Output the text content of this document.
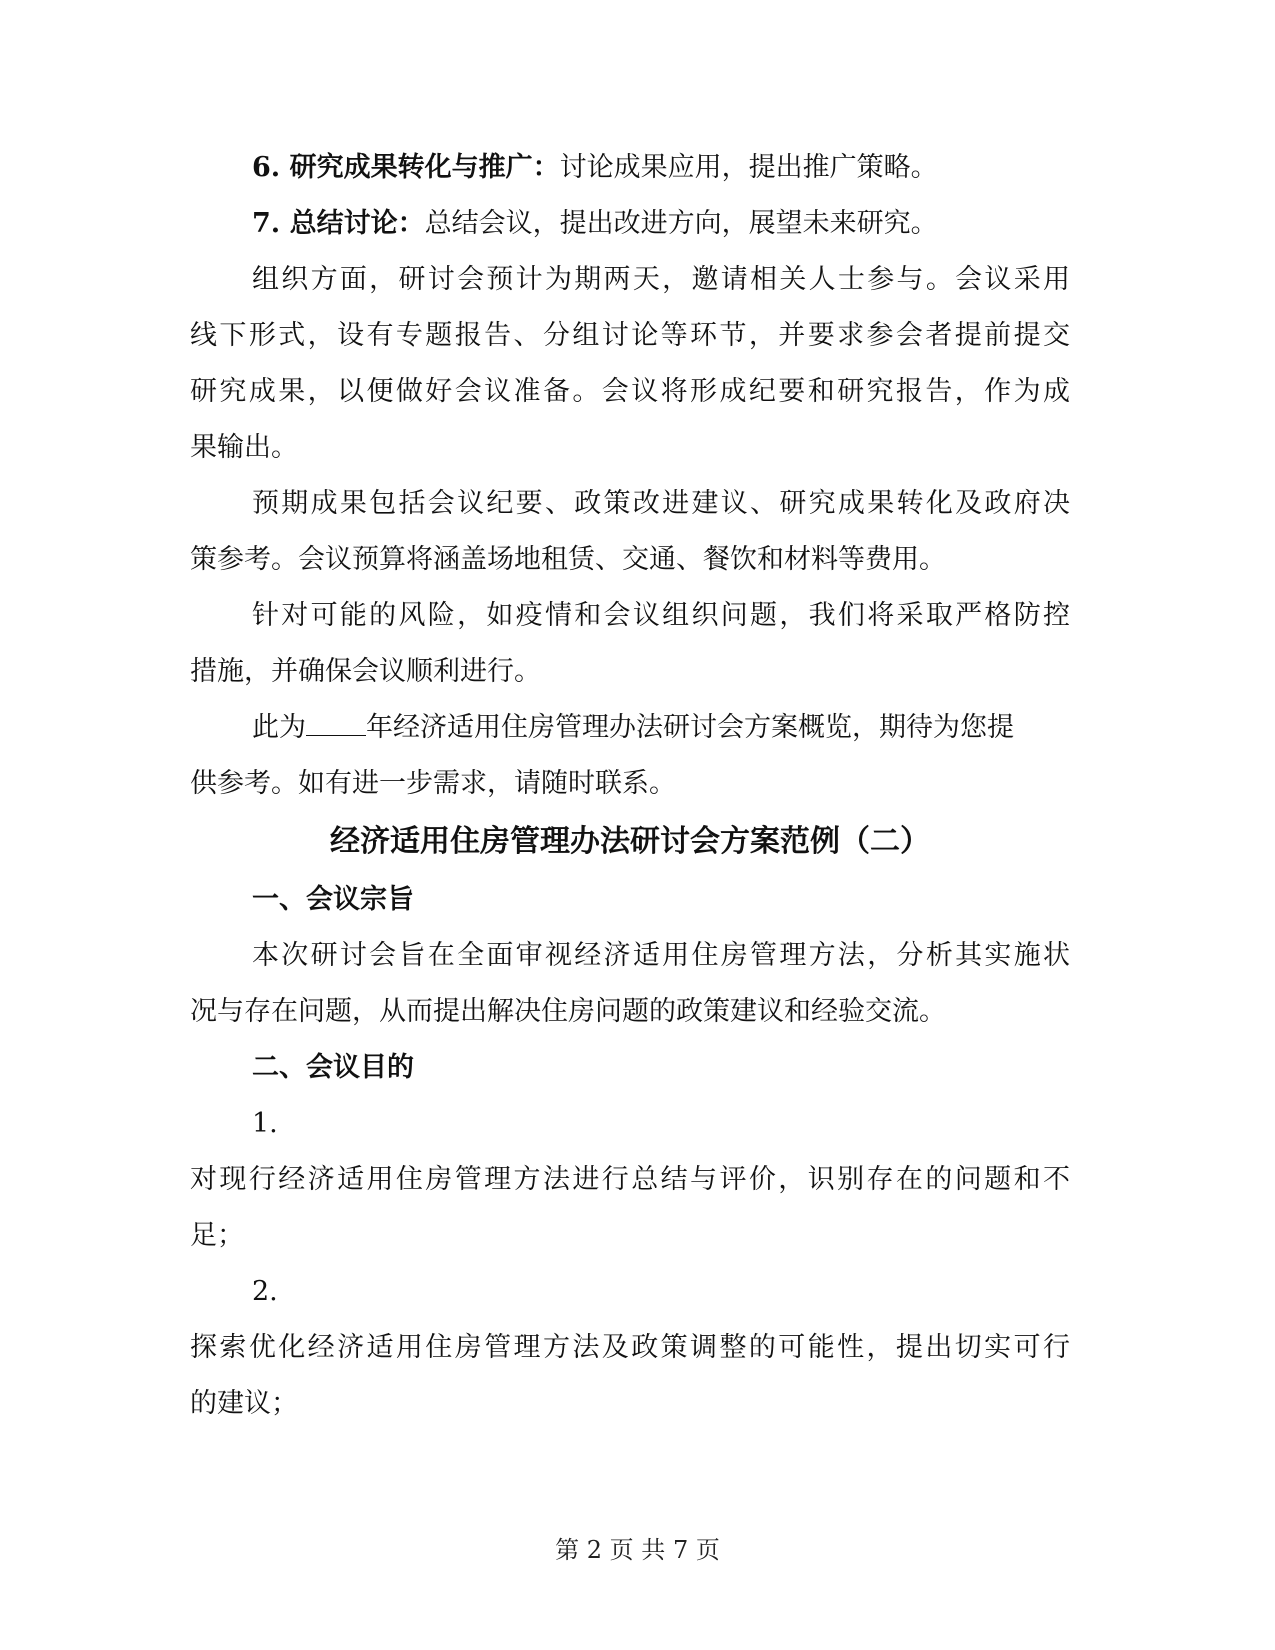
6. 研究成果转化与推广：讨论成果应用，提出推广策略。

7. 总结讨论：总结会议，提出改进方向，展望未来研究。

组织方面，研讨会预计为期两天，邀请相关人士参与。会议采用

线下形式，设有专题报告、分组讨论等环节，并要求参会者提前提交

研究成果，以便做好会议准备。会议将形成纪要和研究报告，作为成

果输出。

预期成果包括会议纪要、政策改进建议、研究成果转化及政府决

策参考。会议预算将涵盖场地租赁、交通、餐饮和材料等费用。

针对可能的风险，如疫情和会议组织问题，我们将采取严格防控

措施，并确保会议顺利进行。

此为 年经济适用住房管理办法研讨会方案概览，期待为您提

供参考。如有进一步需求，请随时联系。

经济适用住房管理办法研讨会方案范例（二）

一、会议宗旨

本次研讨会旨在全面审视经济适用住房管理方法，分析其实施状

况与存在问题，从而提出解决住房问题的政策建议和经验交流。

二、会议目的

1.

对现行经济适用住房管理方法进行总结与评价，识别存在的问题和不

足；

2.

探索优化经济适用住房管理方法及政策调整的可能性，提出切实可行

的建议；

第 2 页 共 7 页
